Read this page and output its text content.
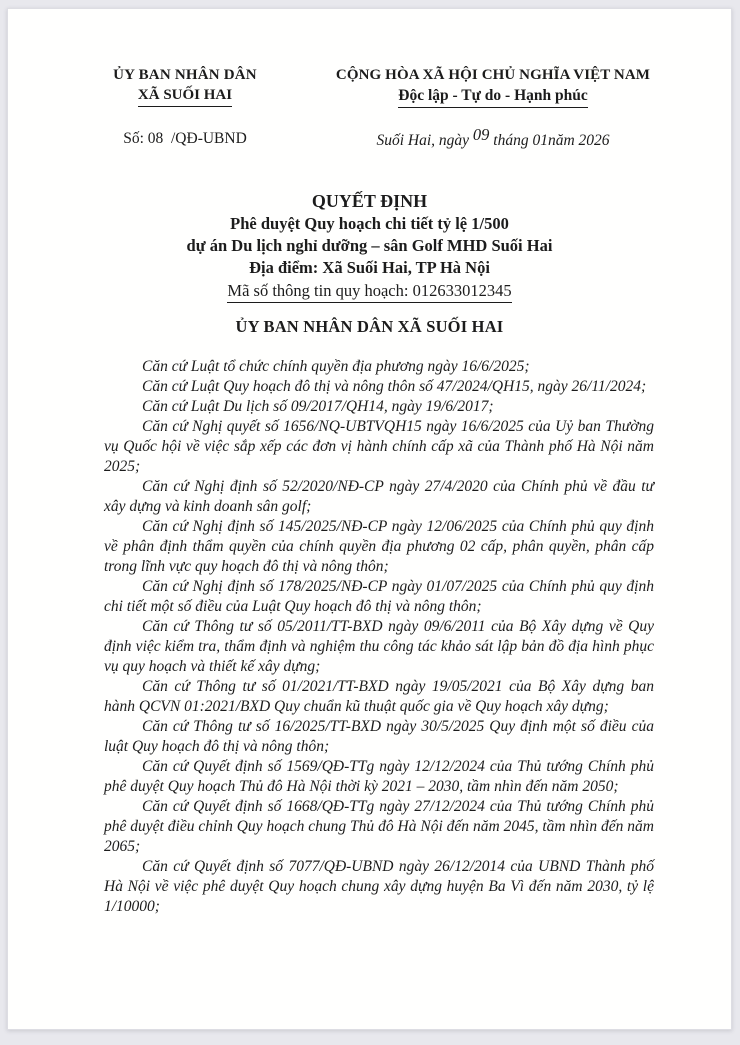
ỦY BAN NHÂN DÂN
XÃ SUỐI HAI
CỘNG HÒA XÃ HỘI CHỦ NGHĨA VIỆT NAM
Độc lập - Tự do - Hạnh phúc
Số: 08  /QĐ-UBND	Suối Hai, ngày 09 tháng 01năm 2026
QUYẾT ĐỊNH
Phê duyệt Quy hoạch chi tiết tỷ lệ 1/500
dự án Du lịch nghỉ dưỡng – sân Golf MHD Suối Hai
Địa điểm: Xã Suối Hai, TP Hà Nội
Mã số thông tin quy hoạch: 012633012345
ỦY BAN NHÂN DÂN XÃ SUỐI HAI

Căn cứ Luật tổ chức chính quyền địa phương ngày 16/6/2025;

Căn cứ Luật Quy hoạch đô thị và nông thôn số 47/2024/QH15, ngày 26/11/2024;

Căn cứ Luật Du lịch số 09/2017/QH14, ngày 19/6/2017;

Căn cứ Nghị quyết số 1656/NQ-UBTVQH15 ngày 16/6/2025 của Uỷ ban Thường vụ Quốc hội về việc sắp xếp các đơn vị hành chính cấp xã của Thành phố Hà Nội năm 2025;

Căn cứ Nghị định số 52/2020/NĐ-CP ngày 27/4/2020 của Chính phủ về đầu tư xây dựng và kinh doanh sân golf;

Căn cứ Nghị định số 145/2025/NĐ-CP ngày 12/06/2025 của Chính phủ quy định về phân định thẩm quyền của chính quyền địa phương 02 cấp, phân quyền, phân cấp trong lĩnh vực quy hoạch đô thị và nông thôn;

Căn cứ Nghị định số 178/2025/NĐ-CP ngày 01/07/2025 của Chính phủ quy định chi tiết một số điều của Luật Quy hoạch đô thị và nông thôn;

Căn cứ Thông tư số 05/2011/TT-BXD ngày 09/6/2011 của Bộ Xây dựng về Quy định việc kiểm tra, thẩm định và nghiệm thu công tác khảo sát lập bản đồ địa hình phục vụ quy hoạch và thiết kế xây dựng;

Căn cứ Thông tư số 01/2021/TT-BXD ngày 19/05/2021 của Bộ Xây dựng ban hành QCVN 01:2021/BXD Quy chuẩn kũ thuật quốc gia về Quy hoạch xây dựng;

Căn cứ Thông tư số 16/2025/TT-BXD ngày 30/5/2025 Quy định một số điều của luật Quy hoạch đô thị và nông thôn;

Căn cứ Quyết định số 1569/QĐ-TTg ngày 12/12/2024 của Thủ tướng Chính phủ phê duyệt Quy hoạch Thủ đô Hà Nội thời kỳ 2021 – 2030, tầm nhìn đến năm 2050;

Căn cứ Quyết định số 1668/QĐ-TTg ngày 27/12/2024 của Thủ tướng Chính phủ phê duyệt điều chỉnh Quy hoạch chung Thủ đô Hà Nội đến năm 2045, tầm nhìn đến năm 2065;

Căn cứ Quyết định số 7077/QĐ-UBND ngày 26/12/2014 của UBND Thành phố Hà Nội về việc phê duyệt Quy hoạch chung xây dựng huyện Ba Vì đến năm 2030, tỷ lệ 1/10000;
